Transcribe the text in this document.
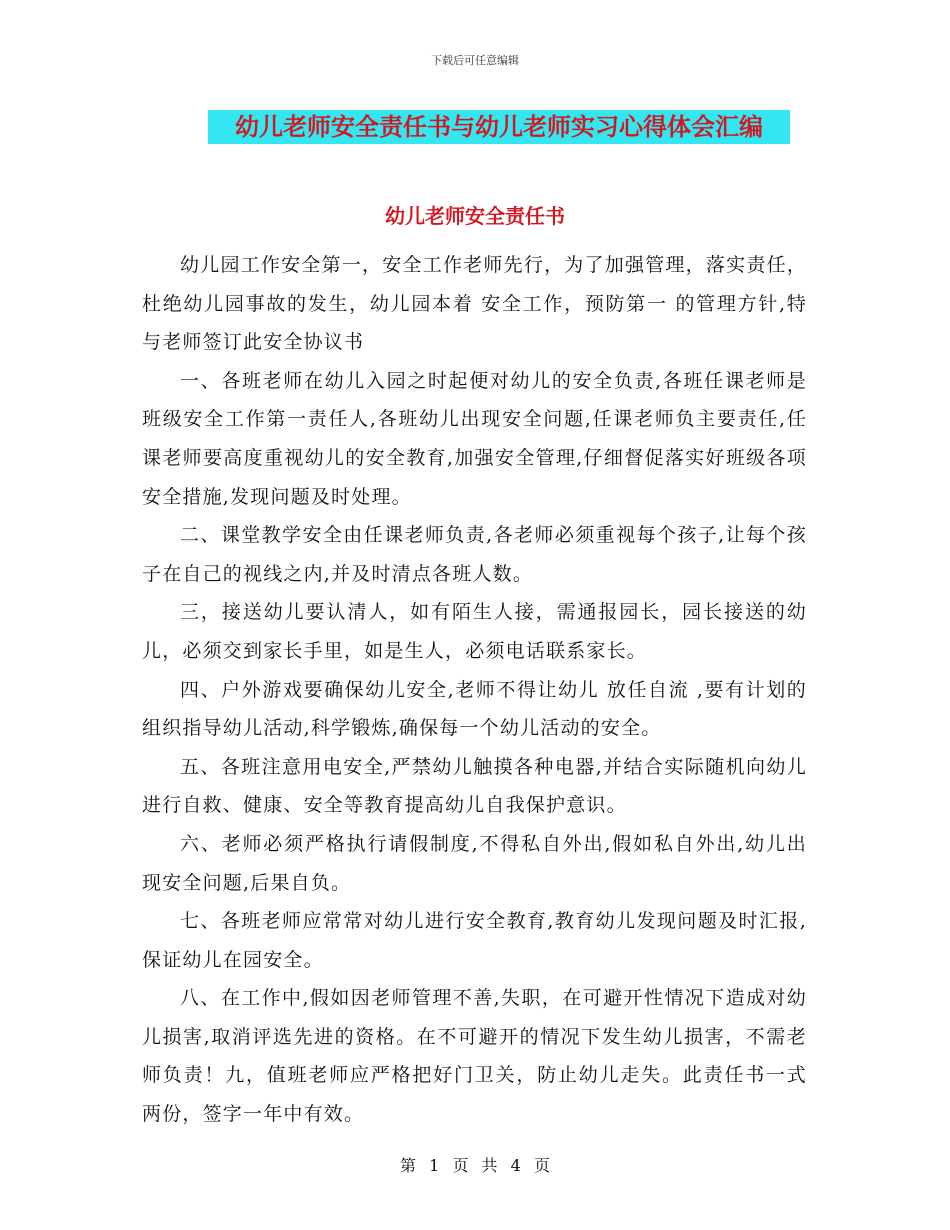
下载后可任意编辑
幼儿老师安全责任书与幼儿老师实习心得体会汇编
幼儿老师安全责任书

幼儿园工作安全第一，安全工作老师先行，为了加强管理，落实责任，杜绝幼儿园事故的发生，幼儿园本着 安全工作，预防第一 的管理方针,特与老师签订此安全协议书

一、各班老师在幼儿入园之时起便对幼儿的安全负责,各班任课老师是班级安全工作第一责任人,各班幼儿出现安全问题,任课老师负主要责任,任课老师要高度重视幼儿的安全教育,加强安全管理,仔细督促落实好班级各项安全措施,发现问题及时处理。

二、课堂教学安全由任课老师负责,各老师必须重视每个孩子,让每个孩子在自己的视线之内,并及时清点各班人数。

三，接送幼儿要认清人，如有陌生人接，需通报园长，园长接送的幼儿，必须交到家长手里，如是生人，必须电话联系家长。

四、户外游戏要确保幼儿安全,老师不得让幼儿 放任自流 ,要有计划的组织指导幼儿活动,科学锻炼,确保每一个幼儿活动的安全。

五、各班注意用电安全,严禁幼儿触摸各种电器,并结合实际随机向幼儿进行自救、健康、安全等教育提高幼儿自我保护意识。

六、老师必须严格执行请假制度,不得私自外出,假如私自外出,幼儿出现安全问题,后果自负。

七、各班老师应常常对幼儿进行安全教育,教育幼儿发现问题及时汇报,保证幼儿在园安全。

八、在工作中,假如因老师管理不善,失职，在可避开性情况下造成对幼儿损害,取消评选先进的资格。在不可避开的情况下发生幼儿损害，不需老师负责！九，值班老师应严格把好门卫关，防止幼儿走失。此责任书一式两份，签字一年中有效。

第 1 页 共 4 页
